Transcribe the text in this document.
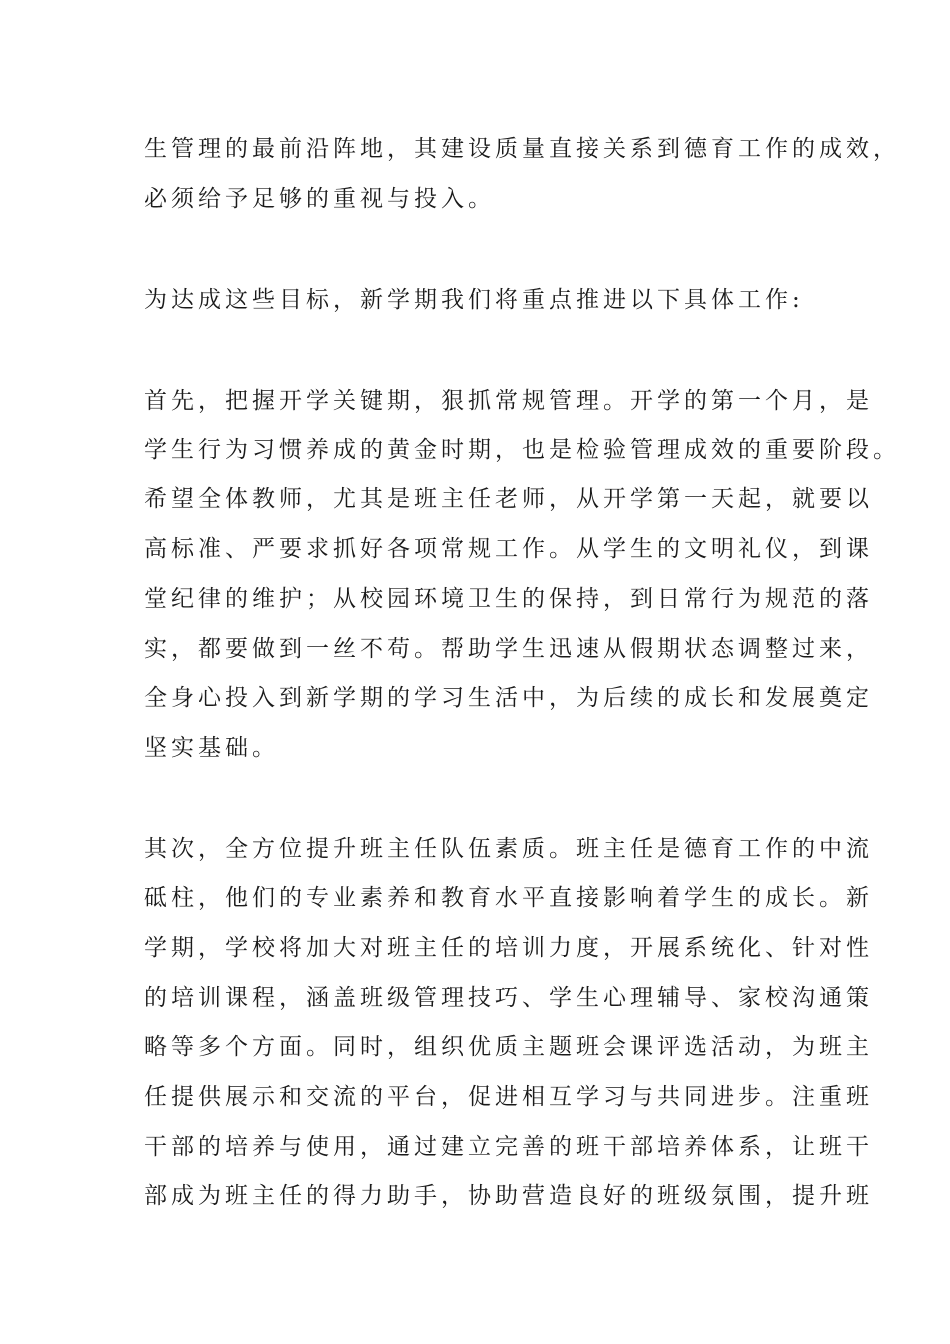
生管理的最前沿阵地，其建设质量直接关系到德育工作的成效，

必须给予足够的重视与投入。

为达成这些目标，新学期我们将重点推进以下具体工作:

首先，把握开学关键期，狠抓常规管理。开学的第一个月，是

学生行为习惯养成的黄金时期，也是检验管理成效的重要阶段。

希望全体教师，尤其是班主任老师，从开学第一天起，就要以

高标准、严要求抓好各项常规工作。从学生的文明礼仪，到课

堂纪律的维护；从校园环境卫生的保持，到日常行为规范的落

实，都要做到一丝不苟。帮助学生迅速从假期状态调整过来，

全身心投入到新学期的学习生活中，为后续的成长和发展奠定

坚实基础。

其次，全方位提升班主任队伍素质。班主任是德育工作的中流

砥柱，他们的专业素养和教育水平直接影响着学生的成长。新

学期，学校将加大对班主任的培训力度，开展系统化、针对性

的培训课程，涵盖班级管理技巧、学生心理辅导、家校沟通策

略等多个方面。同时，组织优质主题班会课评选活动，为班主

任提供展示和交流的平台，促进相互学习与共同进步。注重班

干部的培养与使用，通过建立完善的班干部培养体系，让班干

部成为班主任的得力助手，协助营造良好的班级氛围，提升班
